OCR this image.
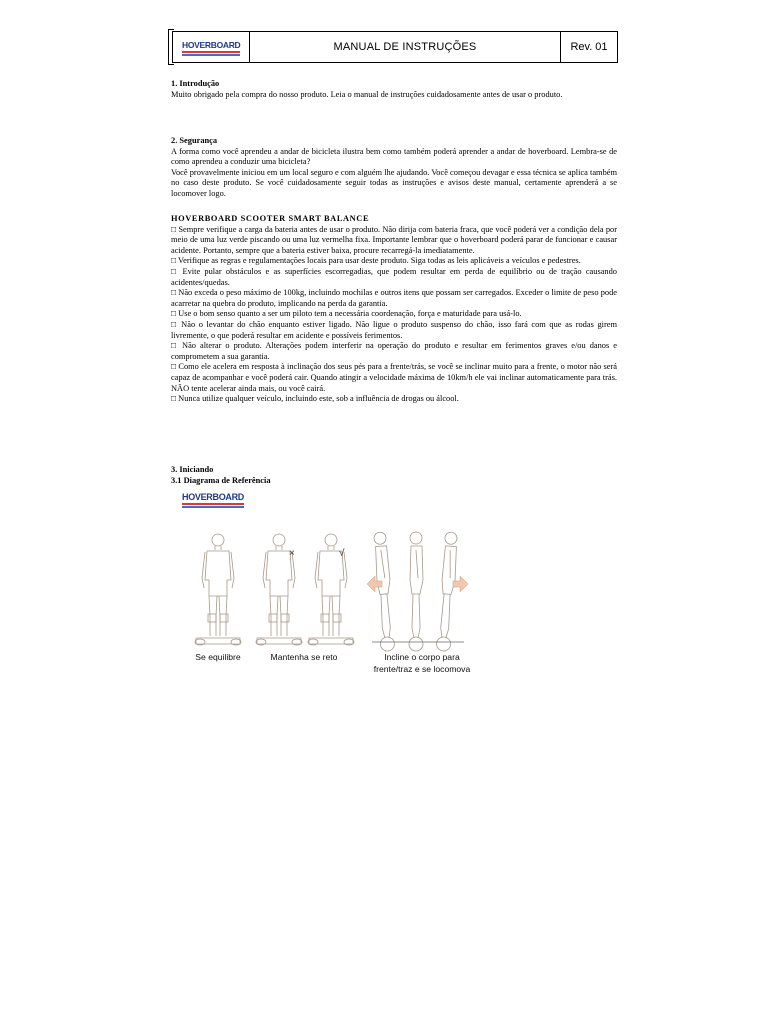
HOVERBOARD	MANUAL DE INSTRUÇÕES	Rev. 01

1. Introdução

Muito obrigado pela compra do nosso produto. Leia o manual de instruções cuidadosamente antes de usar o produto.

2. Segurança

A forma como você aprendeu a andar de bicicleta ilustra bem como também poderá aprender a andar de hoverboard. Lembra-se de como aprendeu a conduzir uma bicicleta?

Você provavelmente iniciou em um local seguro e com alguém lhe ajudando. Você começou devagar e essa técnica se aplica também no caso deste produto. Se você cuidadosamente seguir todas as instruções e avisos deste manual, certamente aprenderá a se locomover logo.

HOVERBOARD SCOOTER SMART BALANCE

□ Sempre verifique a carga da bateria antes de usar o produto. Não dirija com bateria fraca, que você poderá ver a condição dela por meio de uma luz verde piscando ou uma luz vermelha fixa. Importante lembrar que o hoverboard poderá parar de funcionar e causar acidente. Portanto, sempre que a bateria estiver baixa, procure recarregá-la imediatamente.

□ Verifique as regras e regulamentações locais para usar deste produto. Siga todas as leis aplicáveis a veículos e pedestres.

□ Evite pular obstáculos e as superfícies escorregadias, que podem resultar em perda de equilíbrio ou de tração causando acidentes/quedas.

□ Não exceda o peso máximo de 100kg, incluindo mochilas e outros itens que possam ser carregados. Exceder o limite de peso pode acarretar na quebra do produto, implicando na perda da garantia.

□ Use o bom senso quanto a ser um piloto tem a necessária coordenação, força e maturidade para usá-lo.

□ Não o levantar do chão enquanto estiver ligado. Não ligue o produto suspenso do chão, isso fará com que as rodas girem livremente, o que poderá resultar em acidente e possíveis ferimentos.

□ Não alterar o produto. Alterações podem interferir na operação do produto e resultar em ferimentos graves e/ou danos e comprometem a sua garantia.

□ Como ele acelera em resposta à inclinação dos seus pés para a frente/trás, se você se inclinar muito para a frente, o motor não será capaz de acompanhar e você poderá cair. Quando atingir a velocidade máxima de 10km/h ele vai inclinar automaticamente para trás. NÃO tente acelerar ainda mais, ou você cairá.

□ Nunca utilize qualquer veículo, incluindo este, sob a influência de drogas ou álcool.

3. Iniciando

3.1 Diagrama de Referência

HOVERBOARD
×	√
Se equilibre	Mantenha se reto	Incline o corpo para
frente/traz e se locomova
